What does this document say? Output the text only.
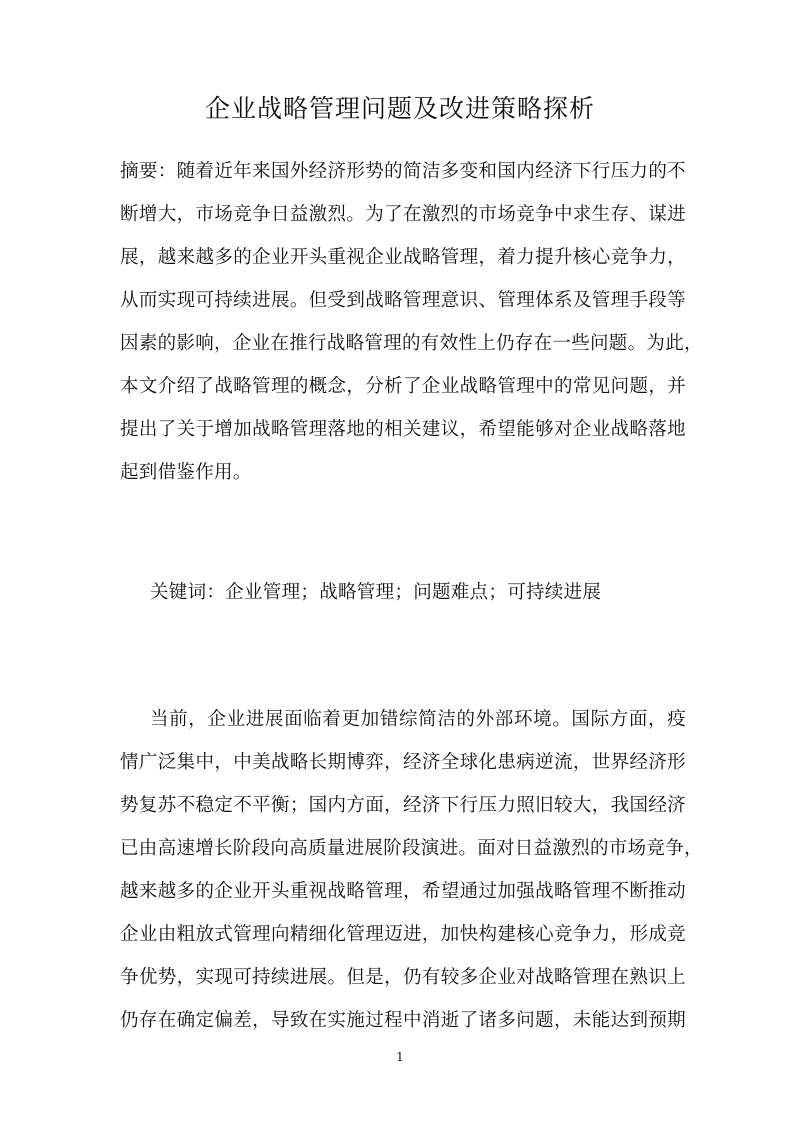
企业战略管理问题及改进策略探析
摘要：随着近年来国外经济形势的简洁多变和国内经济下行压力的不
断增大，市场竞争日益激烈。为了在激烈的市场竞争中求生存、谋进
展，越来越多的企业开头重视企业战略管理，着力提升核心竞争力，
从而实现可持续进展。但受到战略管理意识、管理体系及管理手段等
因素的影响，企业在推行战略管理的有效性上仍存在一些问题。为此，
本文介绍了战略管理的概念，分析了企业战略管理中的常见问题，并
提出了关于增加战略管理落地的相关建议，希望能够对企业战略落地
起到借鉴作用。
关键词：企业管理；战略管理；问题难点；可持续进展
当前，企业进展面临着更加错综简洁的外部环境。国际方面，疫
情广泛集中，中美战略长期博弈，经济全球化患病逆流，世界经济形
势复苏不稳定不平衡；国内方面，经济下行压力照旧较大，我国经济
已由高速增长阶段向高质量进展阶段演进。面对日益激烈的市场竞争，
越来越多的企业开头重视战略管理，希望通过加强战略管理不断推动
企业由粗放式管理向精细化管理迈进，加快构建核心竞争力，形成竞
争优势，实现可持续进展。但是，仍有较多企业对战略管理在熟识上
仍存在确定偏差，导致在实施过程中消逝了诸多问题，未能达到预期
1
